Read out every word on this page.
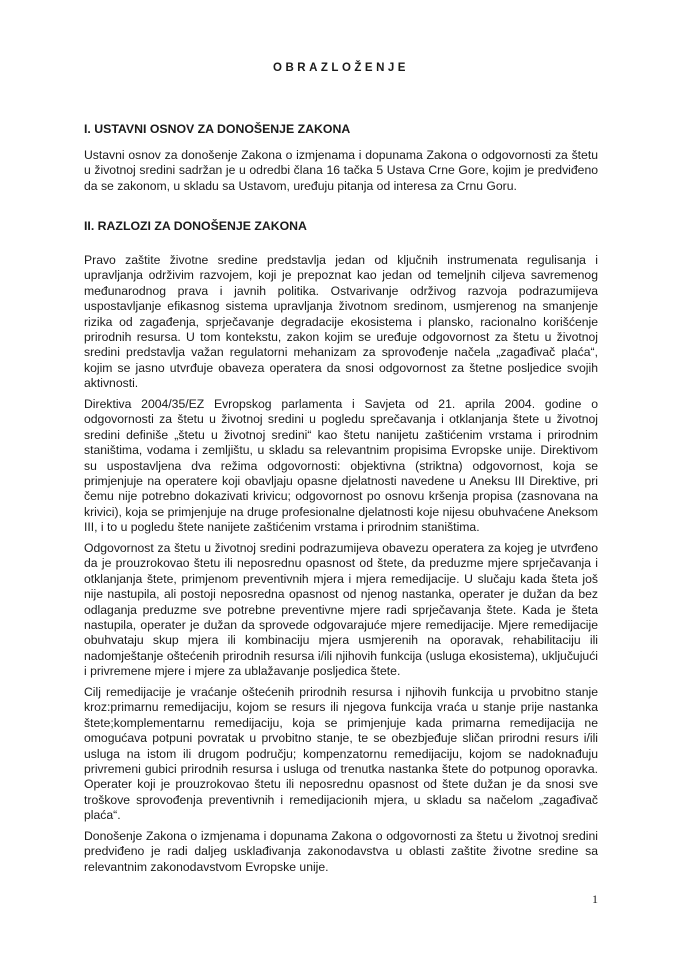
OBRAZLOŽENJE
I. USTAVNI OSNOV ZA DONOŠENJE ZAKONA

Ustavni osnov za donošenje Zakona o izmjenama i dopunama Zakona o odgovornosti za štetu u životnoj sredini sadržan je u odredbi člana 16 tačka 5 Ustava Crne Gore, kojim je predviđeno da se zakonom, u skladu sa Ustavom, uređuju pitanja od interesa za Crnu Goru.

II. RAZLOZI ZA DONOŠENJE ZAKONA

Pravo zaštite životne sredine predstavlja jedan od ključnih instrumenata regulisanja i upravljanja održivim razvojem, koji je prepoznat kao jedan od temeljnih ciljeva savremenog međunarodnog prava i javnih politika. Ostvarivanje održivog razvoja podrazumijeva uspostavljanje efikasnog sistema upravljanja životnom sredinom, usmjerenog na smanjenje rizika od zagađenja, sprječavanje degradacije ekosistema i plansko, racionalno korišćenje prirodnih resursa. U tom kontekstu, zakon kojim se uređuje odgovornost za štetu u životnoj sredini predstavlja važan regulatorni mehanizam za sprovođenje načela „zagađivač plaća“, kojim se jasno utvrđuje obaveza operatera da snosi odgovornost za štetne posljedice svojih aktivnosti.

Direktiva 2004/35/EZ Evropskog parlamenta i Savjeta od 21. aprila 2004. godine o odgovornosti za štetu u životnoj sredini u pogledu sprečavanja i otklanjanja štete u životnoj sredini definiše „štetu u životnoj sredini“ kao štetu nanijetu zaštićenim vrstama i prirodnim staništima, vodama i zemljištu, u skladu sa relevantnim propisima Evropske unije. Direktivom su uspostavljena dva režima odgovornosti: objektivna (striktna) odgovornost, koja se primjenjuje na operatere koji obavljaju opasne djelatnosti navedene u Aneksu III Direktive, pri čemu nije potrebno dokazivati krivicu; odgovornost po osnovu kršenja propisa (zasnovana na krivici), koja se primjenjuje na druge profesionalne djelatnosti koje nijesu obuhvaćene Aneksom III, i to u pogledu štete nanijete zaštićenim vrstama i prirodnim staništima.

Odgovornost za štetu u životnoj sredini podrazumijeva obavezu operatera za kojeg je utvrđeno da je prouzrokovao štetu ili neposrednu opasnost od štete, da preduzme mjere sprječavanja i otklanjanja štete, primjenom preventivnih mjera i mjera remedijacije. U slučaju kada šteta još nije nastupila, ali postoji neposredna opasnost od njenog nastanka, operater je dužan da bez odlaganja preduzme sve potrebne preventivne mjere radi sprječavanja štete. Kada je šteta nastupila, operater je dužan da sprovede odgovarajuće mjere remedijacije. Mjere remedijacije obuhvataju skup mjera ili kombinaciju mjera usmjerenih na oporavak, rehabilitaciju ili nadomještanje oštećenih prirodnih resursa i/ili njihovih funkcija (usluga ekosistema), uključujući i privremene mjere i mjere za ublažavanje posljedica štete.

Cilj remedijacije je vraćanje oštećenih prirodnih resursa i njihovih funkcija u prvobitno stanje kroz:primarnu remedijaciju, kojom se resurs ili njegova funkcija vraća u stanje prije nastanka štete;komplementarnu remedijaciju, koja se primjenjuje kada primarna remedijacija ne omogućava potpuni povratak u prvobitno stanje, te se obezbjeđuje sličan prirodni resurs i/ili usluga na istom ili drugom području; kompenzatornu remedijaciju, kojom se nadoknađuju privremeni gubici prirodnih resursa i usluga od trenutka nastanka štete do potpunog oporavka. Operater koji je prouzrokovao štetu ili neposrednu opasnost od štete dužan je da snosi sve troškove sprovođenja preventivnih i remedijacionih mjera, u skladu sa načelom „zagađivač plaća“.

Donošenje Zakona o izmjenama i dopunama Zakona o odgovornosti za štetu u životnoj sredini predviđeno je radi daljeg usklađivanja zakonodavstva u oblasti zaštite životne sredine sa relevantnim zakonodavstvom Evropske unije.

1
